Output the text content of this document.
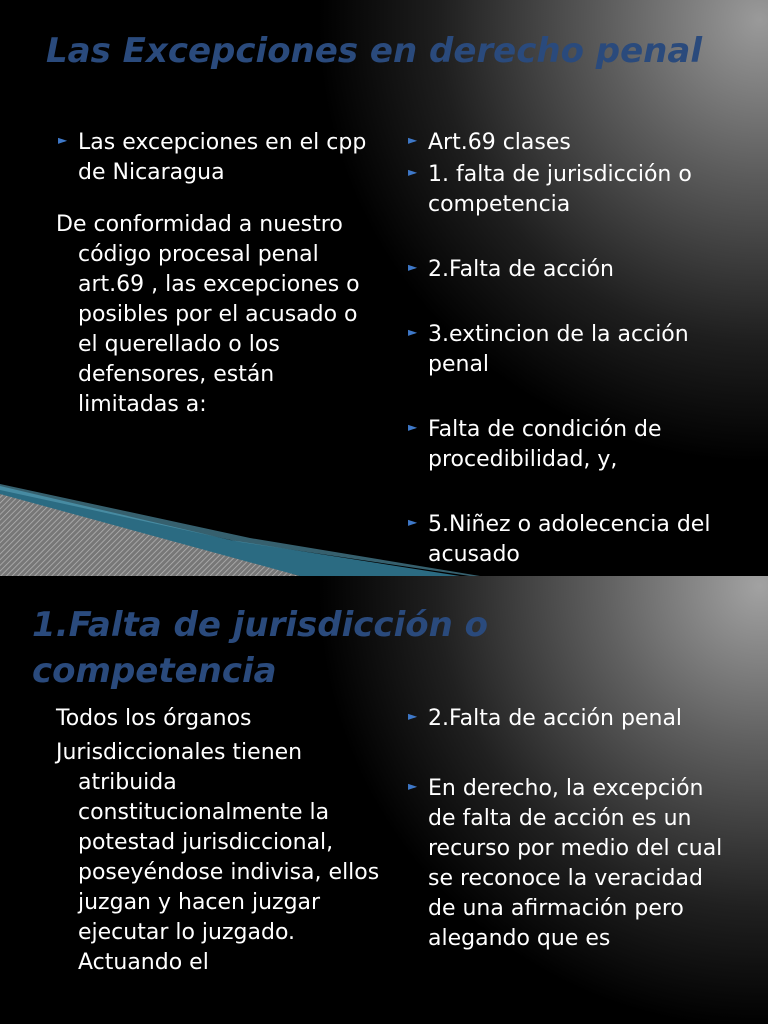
Las Excepciones en derecho penal
► Las excepciones en el cpp de Nicaragua

De conformidad a nuestro código procesal penal art.69 , las excepciones o posibles por el acusado o el querellado o los defensores, están limitadas a:

► Art.69 clases
► 1. falta de jurisdicción o competencia
► 2.Falta de acción
► 3.extincion de la acción penal
► Falta de condición de procedibilidad, y,
► 5.Niñez o adolecencia del acusado
1.Falta de jurisdicción o competencia

Todos los órganos

Jurisdiccionales tienen atribuida constitucionalmente la potestad jurisdiccional, poseyéndose indivisa, ellos juzgan y hacen juzgar ejecutar lo juzgado. Actuando el

► 2.Falta de acción penal
► En derecho, la excepción de falta de acción es un recurso por medio del cual se reconoce la veracidad de una afirmación pero alegando que es
